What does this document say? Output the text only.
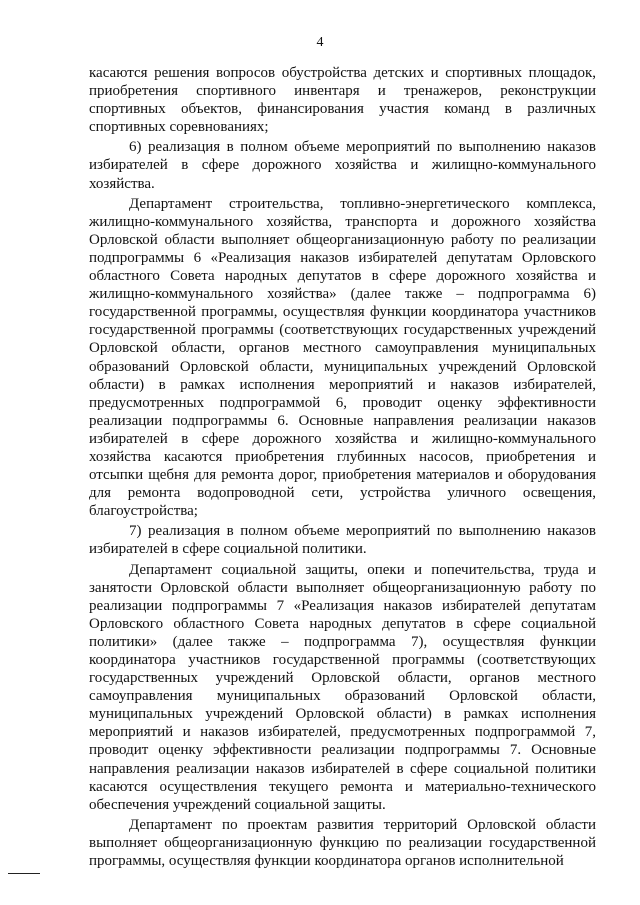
4

касаются решения вопросов обустройства детских и спортивных площадок, приобретения спортивного инвентаря и тренажеров, реконструкции спортивных объектов, финансирования участия команд в различных спортивных соревнованиях;

6) реализация в полном объеме мероприятий по выполнению наказов избирателей в сфере дорожного хозяйства и жилищно-коммунального хозяйства.

Департамент строительства, топливно-энергетического комплекса, жилищно-коммунального хозяйства, транспорта и дорожного хозяйства Орловской области выполняет общеорганизационную работу по реализации подпрограммы 6 «Реализация наказов избирателей депутатам Орловского областного Совета народных депутатов в сфере дорожного хозяйства и жилищно-коммунального хозяйства» (далее также – подпрограмма 6) государственной программы, осуществляя функции координатора участников государственной программы (соответствующих государственных учреждений Орловской области, органов местного самоуправления муниципальных образований Орловской области, муниципальных учреждений Орловской области) в рамках исполнения мероприятий и наказов избирателей, предусмотренных подпрограммой 6, проводит оценку эффективности реализации подпрограммы 6. Основные направления реализации наказов избирателей в сфере дорожного хозяйства и жилищно-коммунального хозяйства касаются приобретения глубинных насосов, приобретения и отсыпки щебня для ремонта дорог, приобретения материалов и оборудования для ремонта водопроводной сети, устройства уличного освещения, благоустройства;

7) реализация в полном объеме мероприятий по выполнению наказов избирателей в сфере социальной политики.

Департамент социальной защиты, опеки и попечительства, труда и занятости Орловской области выполняет общеорганизационную работу по реализации подпрограммы 7 «Реализация наказов избирателей депутатам Орловского областного Совета народных депутатов в сфере социальной политики» (далее также – подпрограмма 7), осуществляя функции координатора участников государственной программы (соответствующих государственных учреждений Орловской области, органов местного самоуправления муниципальных образований Орловской области, муниципальных учреждений Орловской области) в рамках исполнения мероприятий и наказов избирателей, предусмотренных подпрограммой 7, проводит оценку эффективности реализации подпрограммы 7. Основные направления реализации наказов избирателей в сфере социальной политики касаются осуществления текущего ремонта и материально-технического обеспечения учреждений социальной защиты.

Департамент по проектам развития территорий Орловской области выполняет общеорганизационную функцию по реализации государственной программы, осуществляя функции координатора органов исполнительной
